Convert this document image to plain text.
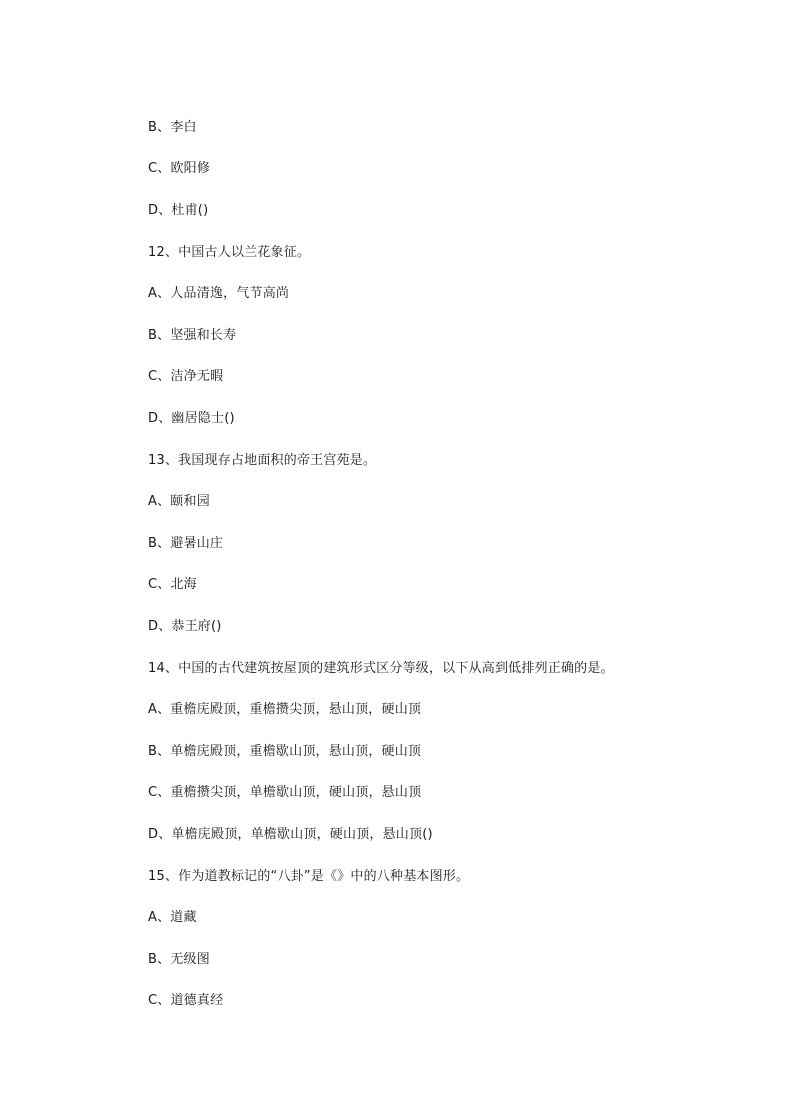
B、李白
C、欧阳修
D、杜甫()
12、中国古人以兰花象征。
A、人品清逸，气节高尚
B、坚强和长寿
C、洁净无暇
D、幽居隐士()
13、我国现存占地面积的帝王宫苑是。
A、颐和园
B、避暑山庄
C、北海
D、恭王府()
14、中国的古代建筑按屋顶的建筑形式区分等级，以下从高到低排列正确的是。
A、重檐庑殿顶，重檐攒尖顶，悬山顶，硬山顶
B、单檐庑殿顶，重檐歇山顶，悬山顶，硬山顶
C、重檐攒尖顶，单檐歇山顶，硬山顶，悬山顶
D、单檐庑殿顶，单檐歇山顶，硬山顶，悬山顶()
15、作为道教标记的“八卦”是《》中的八种基本图形。
A、道藏
B、无级图
C、道德真经
